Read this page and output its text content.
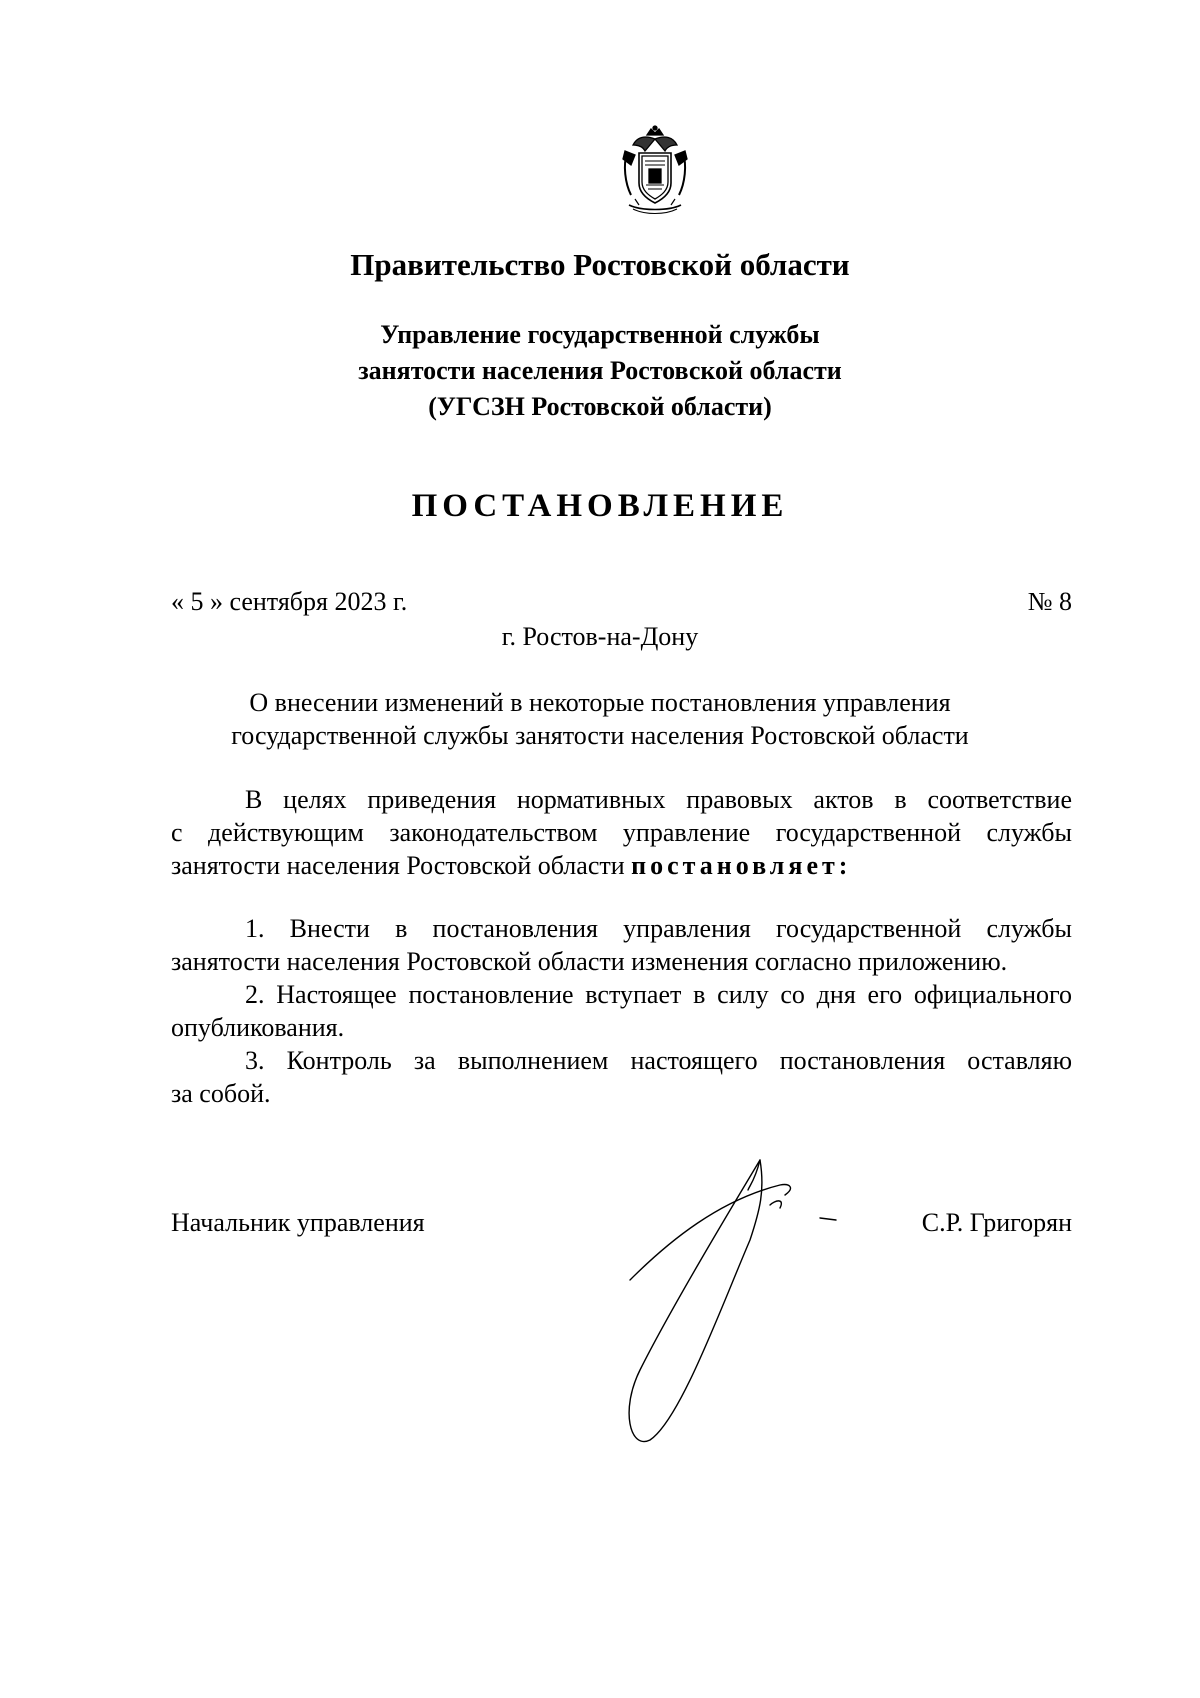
Правительство Ростовской области
Управление государственной службы
занятости населения Ростовской области
(УГСЗН Ростовской области)
ПОСТАНОВЛЕНИЕ
« 5 » сентября 2023 г.	№ 8
г. Ростов-на-Дону
О внесении изменений в некоторые постановления управления
государственной службы занятости населения Ростовской области
В целях приведения нормативных правовых актов в соответствие
с действующим законодательством управление государственной службы
занятости населения Ростовской области постановляет:
1. Внести в постановления управления государственной службы
занятости населения Ростовской области изменения согласно приложению.
2. Настоящее постановление вступает в силу со дня его официального
опубликования.
3. Контроль за выполнением настоящего постановления оставляю
за собой.
Начальник управления	С.Р. Григорян
